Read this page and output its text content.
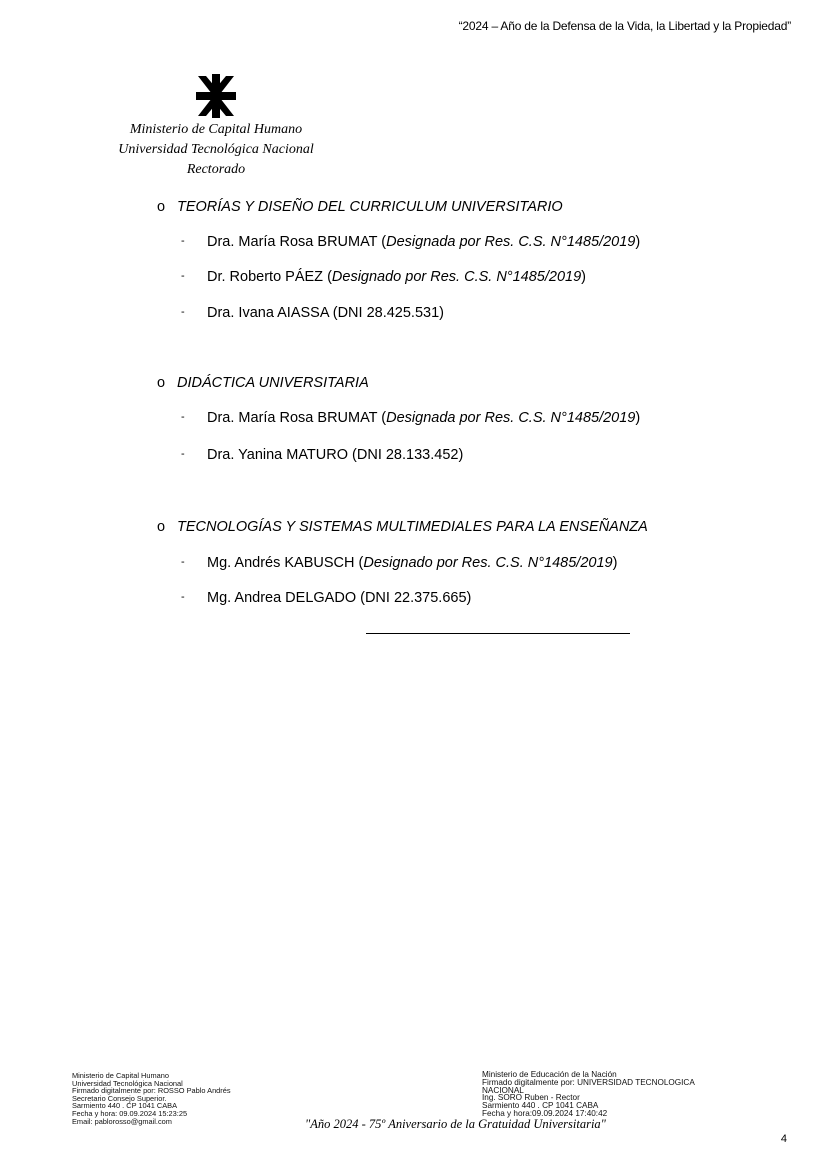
“2024 – Año de la Defensa de la Vida, la Libertad y la Propiedad”
Ministerio de Capital Humano
Universidad Tecnológica Nacional
Rectorado
o TEORÍAS Y DISEÑO DEL CURRICULUM UNIVERSITARIO
- Dra. María Rosa BRUMAT (Designada por Res. C.S. N°1485/2019)
- Dr. Roberto PÁEZ (Designado por Res. C.S. N°1485/2019)
- Dra. Ivana AIASSA (DNI 28.425.531)
o DIDÁCTICA UNIVERSITARIA
- Dra. María Rosa BRUMAT (Designada por Res. C.S. N°1485/2019)
- Dra. Yanina MATURO (DNI 28.133.452)
o TECNOLOGÍAS Y SISTEMAS MULTIMEDIALES PARA LA ENSEÑANZA
- Mg. Andrés KABUSCH (Designado por Res. C.S. N°1485/2019)
- Mg. Andrea DELGADO (DNI 22.375.665)
Ministerio de Capital Humano
Universidad Tecnológica Nacional
Firmado digitalmente por: ROSSO Pablo Andrés
Secretario Consejo Superior.
Sarmiento 440 . CP 1041 CABA
Fecha y hora: 09.09.2024 15:23:25
Email: pablorosso@gmail.com
Ministerio de Educación de la Nación
Firmado digitalmente por: UNIVERSIDAD TECNOLOGICA
NACIONAL
Ing. SORO Ruben - Rector
Sarmiento 440 . CP 1041 CABA
Fecha y hora:09.09.2024 17:40:42
"Año 2024 - 75º Aniversario de la Gratuidad Universitaria"
4
